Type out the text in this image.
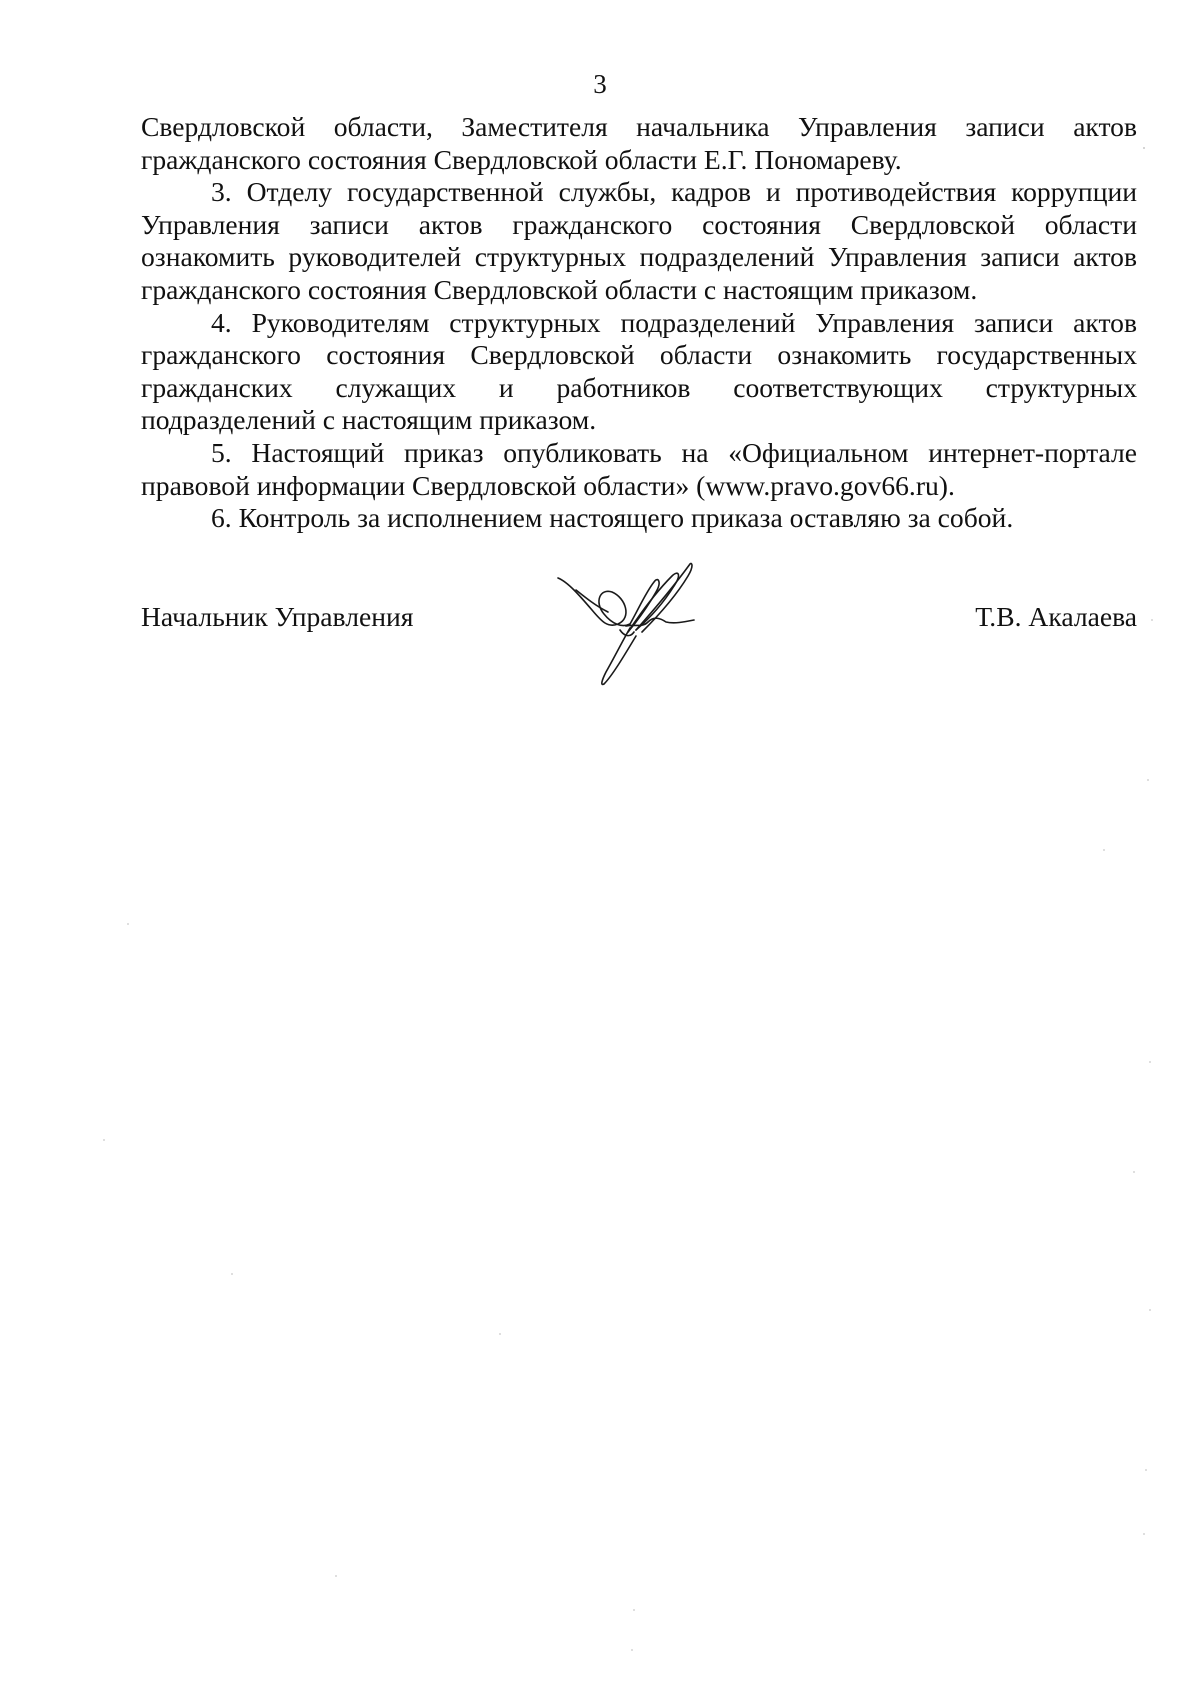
3

Свердловской области, Заместителя начальника Управления записи актов гражданского состояния Свердловской области Е.Г. Пономареву.

3. Отделу государственной службы, кадров и противодействия коррупции Управления записи актов гражданского состояния Свердловской области ознакомить руководителей структурных подразделений Управления записи актов гражданского состояния Свердловской области с настоящим приказом.

4. Руководителям структурных подразделений Управления записи актов гражданского состояния Свердловской области ознакомить государственных гражданских служащих и работников соответствующих структурных подразделений с настоящим приказом.

5. Настоящий приказ опубликовать на «Официальном интернет-портале правовой информации Свердловской области» (www.pravo.gov66.ru).

6. Контроль за исполнением настоящего приказа оставляю за собой.

Начальник Управления	Т.В. Акалаева
